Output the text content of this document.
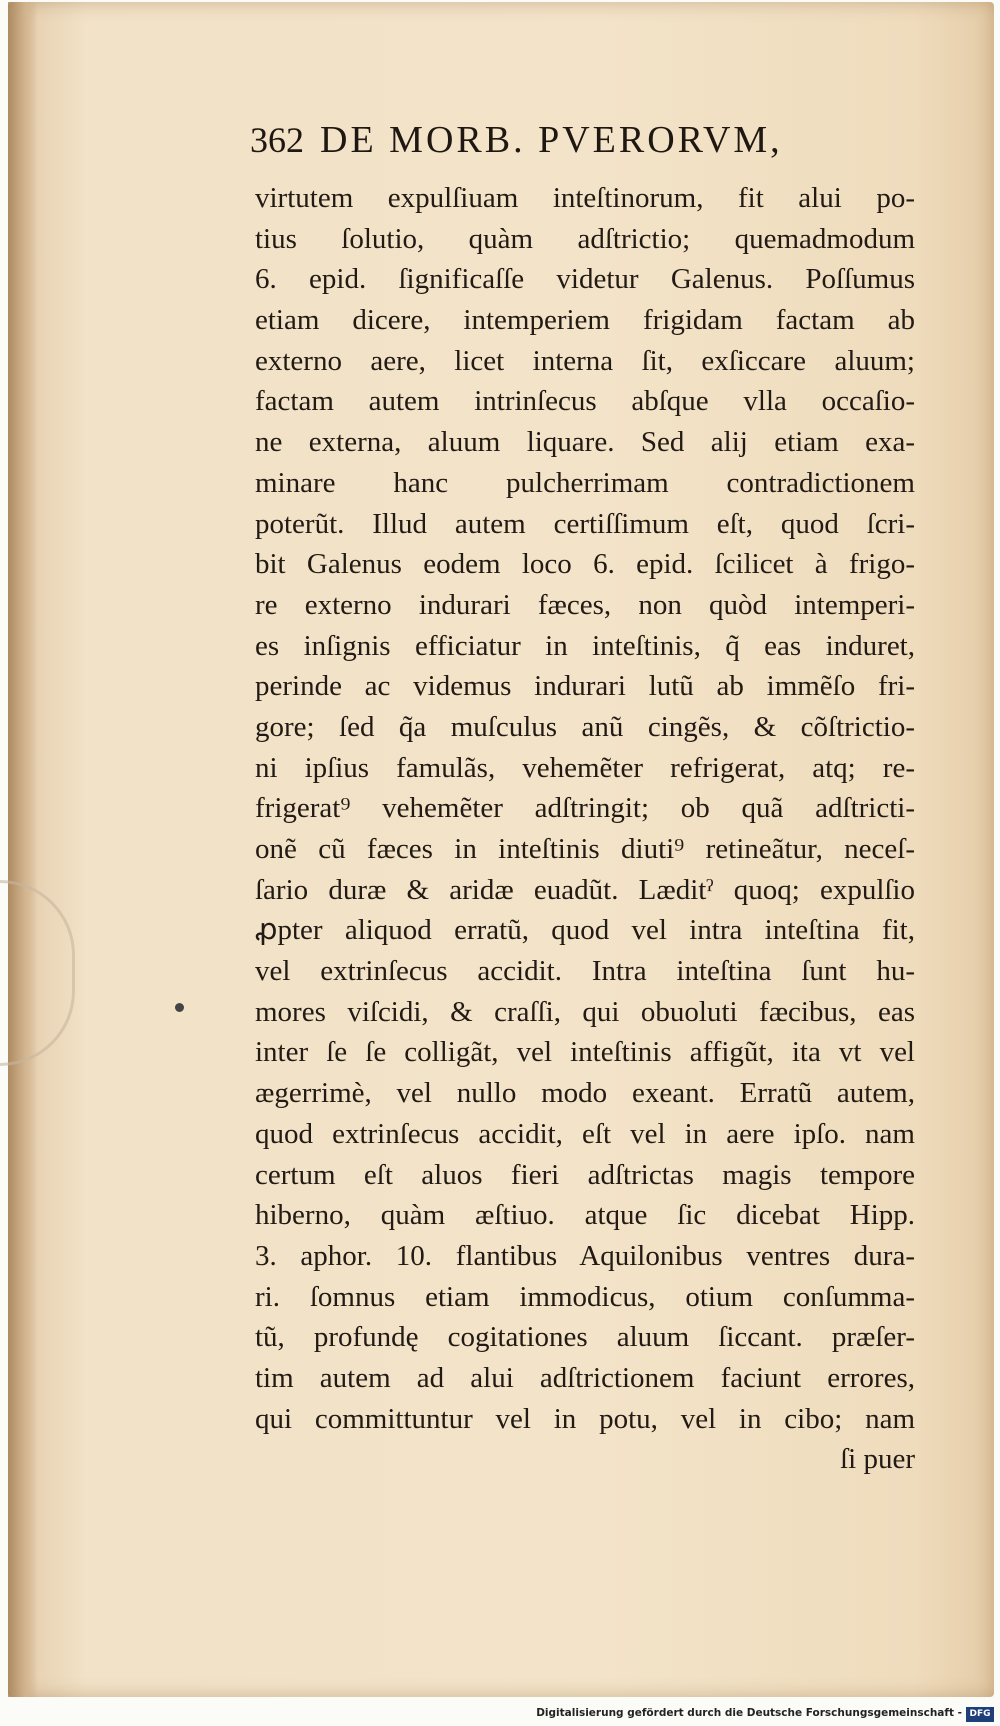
362 DE MORB. PVERORVM,
virtutem expulſiuam inteſtinorum, fit alui po-
tius ſolutio, quàm adſtrictio; quemadmodum
6. epid. ſignificaſſe videtur Galenus. Poſſumus
etiam dicere, intemperiem frigidam factam ab
externo aere, licet interna ſit, exſiccare aluum;
factam autem intrinſecus abſque vlla occaſio-
ne externa, aluum liquare. Sed alij etiam exa-
minare hanc pulcherrimam contradictionem
poterũt. Illud autem certiſſimum eſt, quod ſcri-
bit Galenus eodem loco 6. epid. ſcilicet à frigo-
re externo indurari fæces, non quòd intemperi-
es inſignis efficiatur in inteſtinis, q̃ eas induret,
perinde ac videmus indurari lutũ ab immẽſo fri-
gore; ſed q̃a muſculus anũ cingẽs, & cõſtrictio-
ni ipſius famulãs, vehemẽter refrigerat, atq; re-
frigerat⁹ vehemẽter adſtringit; ob quã adſtricti-
onẽ cũ fæces in inteſtinis diuti⁹ retineãtur, neceſ-
ſario duræ & aridæ euadũt. Læditˀ quoq; expulſio
ꝓpter aliquod erratũ, quod vel intra inteſtina fit,
vel extrinſecus accidit. Intra inteſtina ſunt hu-
mores viſcidi, & craſſi, qui obuoluti fæcibus, eas
inter ſe ſe colligãt, vel inteſtinis affigũt, ita vt vel
ægerrimè, vel nullo modo exeant. Erratũ autem,
quod extrinſecus accidit, eſt vel in aere ipſo. nam
certum eſt aluos fieri adſtrictas magis tempore
hiberno, quàm æſtiuo. atque ſic dicebat Hipp.
3. aphor. 10. flantibus Aquilonibus ventres dura-
ri. ſomnus etiam immodicus, otium conſumma-
tũ, profundę cogitationes aluum ſiccant. præſer-
tim autem ad alui adſtrictionem faciunt errores,
qui committuntur vel in potu, vel in cibo; nam
ſi puer
Digitalisierung gefördert durch die Deutsche Forschungsgemeinschaft - DFG
